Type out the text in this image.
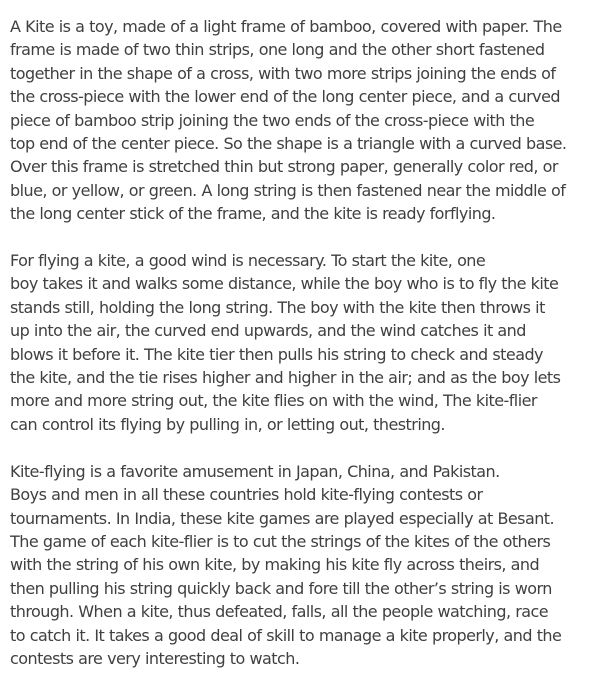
A Kite is a toy, made of a light frame of bamboo, covered with paper. The
frame is made of two thin strips, one long and the other short fastened
together in the shape of a cross, with two more strips joining the ends of
the cross-piece with the lower end of the long center piece, and a curved
piece of bamboo strip joining the two ends of the cross-piece with the
top end of the center piece. So the shape is a triangle with a curved base.
Over this frame is stretched thin but strong paper, generally color red, or
blue, or yellow, or green. A long string is then fastened near the middle of
the long center stick of the frame, and the kite is ready forflying.

For flying a kite, a good wind is necessary. To start the kite, one
boy takes it and walks some distance, while the boy who is to fly the kite
stands still, holding the long string. The boy with the kite then throws it
up into the air, the curved end upwards, and the wind catches it and
blows it before it. The kite tier then pulls his string to check and steady
the kite, and the tie rises higher and higher in the air; and as the boy lets
more and more string out, the kite flies on with the wind, The kite-flier
can control its flying by pulling in, or letting out, thestring.

Kite-flying is a favorite amusement in Japan, China, and Pakistan.
Boys and men in all these countries hold kite-flying contests or
tournaments. In India, these kite games are played especially at Besant.
The game of each kite-flier is to cut the strings of the kites of the others
with the string of his own kite, by making his kite fly across theirs, and
then pulling his string quickly back and fore till the other’s string is worn
through. When a kite, thus defeated, falls, all the people watching, race
to catch it. It takes a good deal of skill to manage a kite properly, and the
contests are very interesting to watch.
